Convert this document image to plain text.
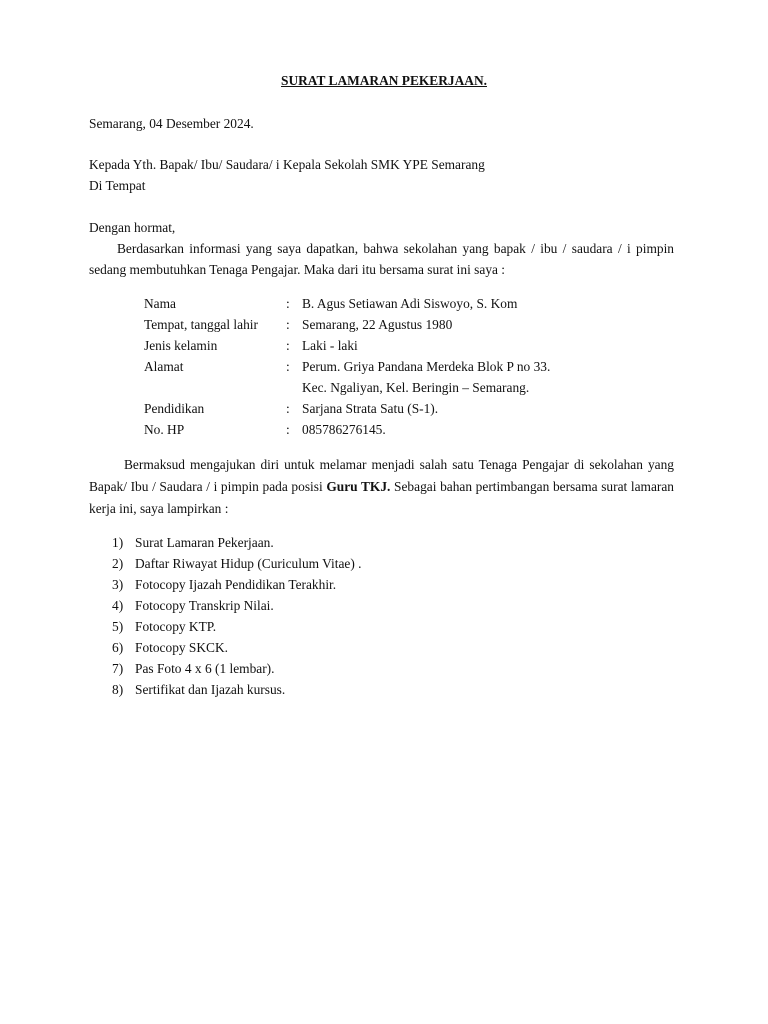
SURAT LAMARAN PEKERJAAN.
Semarang, 04 Desember 2024.
Kepada Yth. Bapak/ Ibu/ Saudara/ i Kepala Sekolah SMK YPE Semarang
Di Tempat
Dengan hormat,
Berdasarkan informasi yang saya dapatkan, bahwa sekolahan yang bapak / ibu / saudara / i pimpin sedang membutuhkan Tenaga Pengajar. Maka dari itu bersama surat ini saya :
Nama	: B. Agus Setiawan Adi Siswoyo, S. Kom
Tempat, tanggal lahir	: Semarang, 22 Agustus 1980
Jenis kelamin	: Laki - laki
Alamat	: Perum. Griya Pandana Merdeka Blok P no 33.
Kec. Ngaliyan, Kel. Beringin – Semarang.
Pendidikan	: Sarjana Strata Satu (S-1).
No. HP	: 085786276145.
Bermaksud mengajukan diri untuk melamar menjadi salah satu Tenaga Pengajar di sekolahan yang Bapak/ Ibu / Saudara / i pimpin pada posisi Guru TKJ. Sebagai bahan pertimbangan bersama surat lamaran kerja ini, saya lampirkan :
1) Surat Lamaran Pekerjaan.
2) Daftar Riwayat Hidup (Curiculum Vitae) .
3) Fotocopy Ijazah Pendidikan Terakhir.
4) Fotocopy Transkrip Nilai.
5) Fotocopy KTP.
6) Fotocopy SKCK.
7) Pas Foto 4 x 6 (1 lembar).
8) Sertifikat dan Ijazah kursus.
